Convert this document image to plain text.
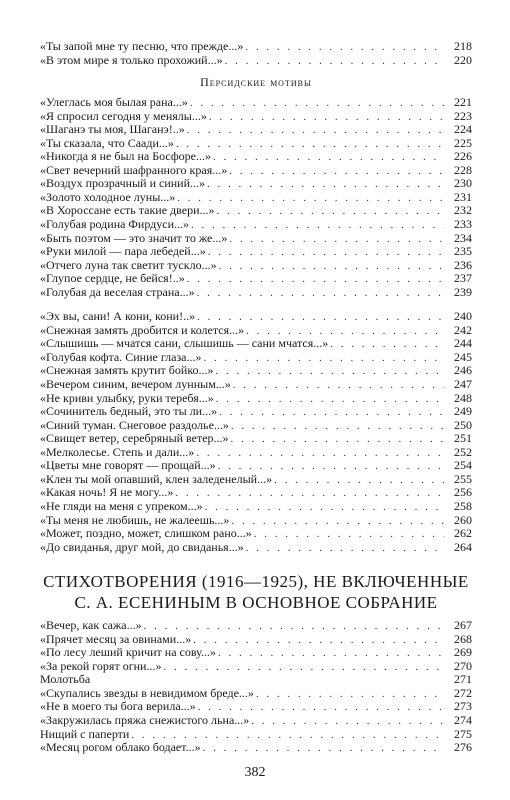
«Ты запой мне ту песню, что прежде...» . . .	218
«В этом мире я только прохожий...» . . .	220
Персидские мотивы
«Улеглась моя былая рана...» . . .	221
«Я спросил сегодня у менялы...» . . .	223
«Шаганэ ты моя, Шаганэ!..» . . .	224
«Ты сказала, что Саади...» . . .	225
«Никогда я не был на Босфоре...» . . .	226
«Свет вечерний шафранного края...» . . .	228
«Воздух прозрачный и синий...» . . .	230
«Золото холодное луны...» . . .	231
«В Хороссане есть такие двери...» . . .	232
«Голубая родина Фирдуси...» . . .	233
«Быть поэтом — это значит то же...» . . .	234
«Руки милой — пара лебедей...» . . .	235
«Отчего луна так светит тускло...» . . .	236
«Глупое сердце, не бейся!..» . . .	237
«Голубая да веселая страна...» . . .	239
«Эх вы, сани! А кони, кони!..» . . .	240
«Снежная замять дробится и колется...» . . .	242
«Слышишь — мчатся сани, слышишь — сани мчатся...» . . .	244
«Голубая кофта. Синие глаза...» . . .	245
«Снежная замять крутит бойко...» . . .	246
«Вечером синим, вечером лунным...» . . .	247
«Не криви улыбку, руки теребя...» . . .	248
«Сочинитель бедный, это ты ли...» . . .	249
«Синий туман. Снеговое раздолье...» . . .	250
«Свищет ветер, серебряный ветер...» . . .	251
«Мелколесье. Степь и дали...» . . .	252
«Цветы мне говорят — прощай...» . . .	254
«Клен ты мой опавший, клен заледенелый...» . . .	255
«Какая ночь! Я не могу...» . . .	256
«Не гляди на меня с упреком...» . . .	258
«Ты меня не любишь, не жалеешь...» . . .	260
«Может, поздно, может, слишком рано...» . . .	262
«До свиданья, друг мой, до свиданья...» . . .	264
СТИХОТВОРЕНИЯ (1916—1925), НЕ ВКЛЮЧЕННЫЕ
С. А. ЕСЕНИНЫМ В ОСНОВНОЕ СОБРАНИЕ
«Вечер, как сажа...» . . .	267
«Прячет месяц за овинами...» . . .	268
«По лесу леший кричит на сову...» . . .	269
«За рекой горят огни...» . . .	270
Молотьба	271
«Скупались звезды в невидимом бреде...» . . .	272
«Не в моего ты бога верила...» . . .	273
«Закружилась пряжа снежистого льна...» . . .	274
Нищий с паперти . . .	275
«Месяц рогом облако бодает...» . . .	276
382
